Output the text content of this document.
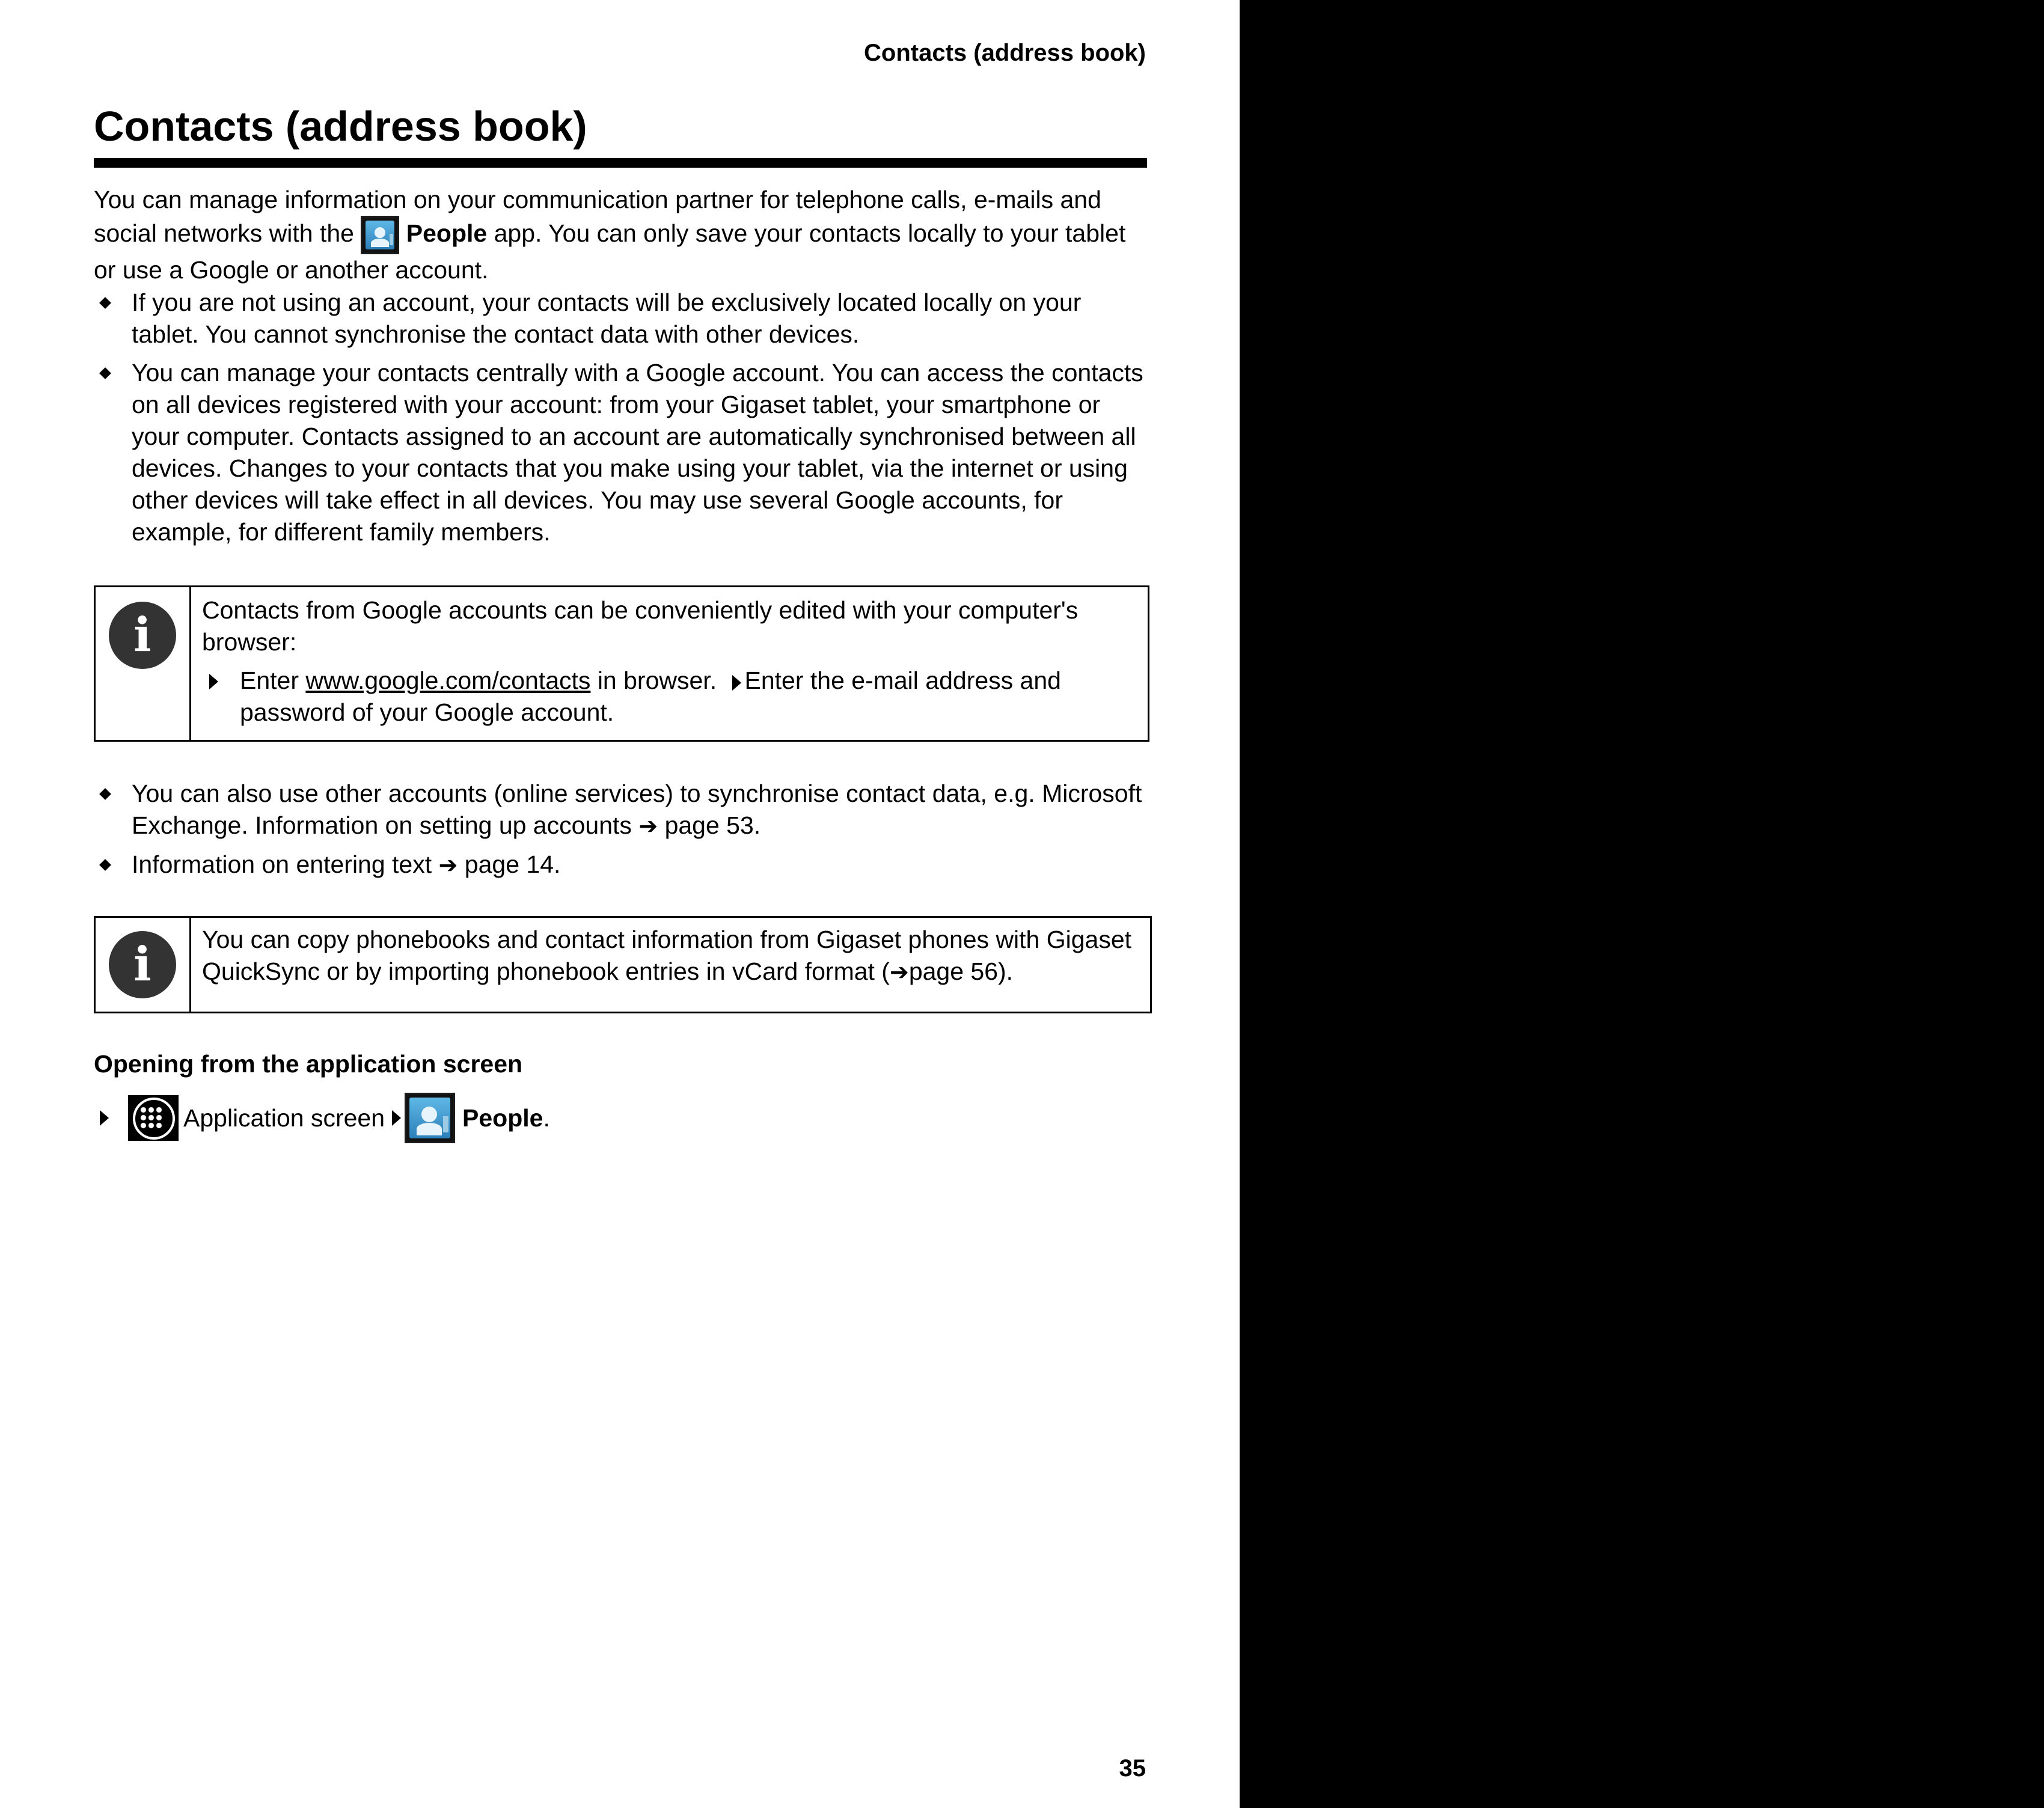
Contacts (address book)
Contacts (address book)
You can manage information on your communication partner for telephone calls, e-mails and social networks with the People app. You can only save your contacts locally to your tablet or use a Google or another account.
If you are not using an account, your contacts will be exclusively located locally on your tablet. You cannot synchronise the contact data with other devices.
You can manage your contacts centrally with a Google account. You can access the contacts on all devices registered with your account: from your Gigaset tablet, your smartphone or your computer. Contacts assigned to an account are automatically synchronised between all devices. Changes to your contacts that you make using your tablet, via the internet or using other devices will take effect in all devices. You may use several Google accounts, for example, for different family members.
i	Contacts from Google accounts can be conveniently edited with your computer's browser:
Enter www.google.com/contacts in browser. Enter the e-mail address and password of your Google account.
You can also use other accounts (online services) to synchronise contact data, e.g. Microsoft Exchange. Information on setting up accounts ➔ page 53.
Information on entering text ➔ page 14.
i	You can copy phonebooks and contact information from Gigaset phones with Gigaset QuickSync or by importing phonebook entries in vCard format (➔page 56).
Opening from the application screen
Application screen	People .
35
